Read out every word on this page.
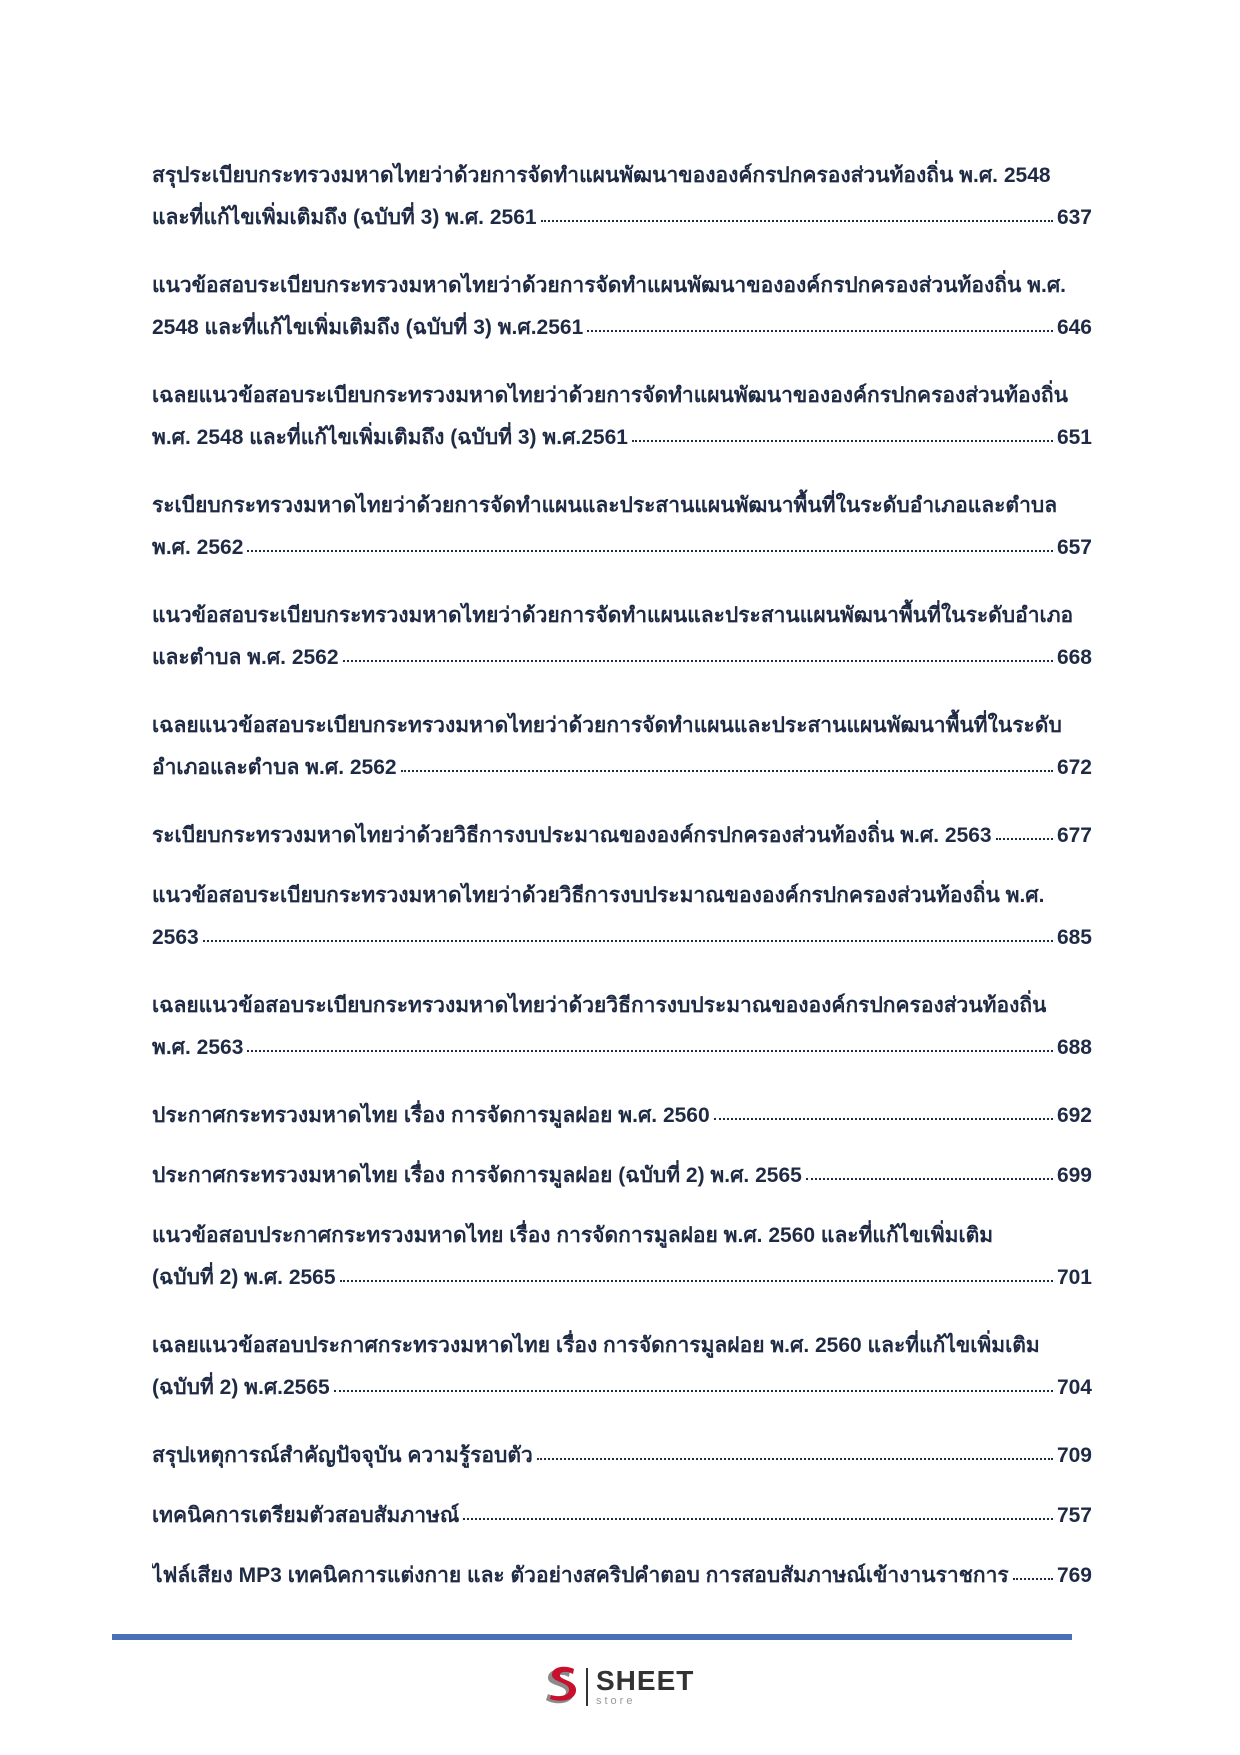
สรุประเบียบกระทรวงมหาดไทยว่าด้วยการจัดทำแผนพัฒนาขององค์กรปกครองส่วนท้องถิ่น พ.ศ. 2548
และที่แก้ไขเพิ่มเติมถึง (ฉบับที่ 3) พ.ศ. 2561	637
แนวข้อสอบระเบียบกระทรวงมหาดไทยว่าด้วยการจัดทำแผนพัฒนาขององค์กรปกครองส่วนท้องถิ่น พ.ศ.
2548 และที่แก้ไขเพิ่มเติมถึง (ฉบับที่ 3) พ.ศ.2561	646
เฉลยแนวข้อสอบระเบียบกระทรวงมหาดไทยว่าด้วยการจัดทำแผนพัฒนาขององค์กรปกครองส่วนท้องถิ่น
พ.ศ. 2548 และที่แก้ไขเพิ่มเติมถึง (ฉบับที่ 3) พ.ศ.2561	651
ระเบียบกระทรวงมหาดไทยว่าด้วยการจัดทำแผนและประสานแผนพัฒนาพื้นที่ในระดับอำเภอและตำบล
พ.ศ. 2562	657
แนวข้อสอบระเบียบกระทรวงมหาดไทยว่าด้วยการจัดทำแผนและประสานแผนพัฒนาพื้นที่ในระดับอำเภอ
และตำบล พ.ศ. 2562	668
เฉลยแนวข้อสอบระเบียบกระทรวงมหาดไทยว่าด้วยการจัดทำแผนและประสานแผนพัฒนาพื้นที่ในระดับ
อำเภอและตำบล พ.ศ. 2562	672
ระเบียบกระทรวงมหาดไทยว่าด้วยวิธีการงบประมาณขององค์กรปกครองส่วนท้องถิ่น พ.ศ. 2563	677
แนวข้อสอบระเบียบกระทรวงมหาดไทยว่าด้วยวิธีการงบประมาณขององค์กรปกครองส่วนท้องถิ่น พ.ศ.
2563	685
เฉลยแนวข้อสอบระเบียบกระทรวงมหาดไทยว่าด้วยวิธีการงบประมาณขององค์กรปกครองส่วนท้องถิ่น
พ.ศ. 2563	688
ประกาศกระทรวงมหาดไทย เรื่อง การจัดการมูลฝอย พ.ศ. 2560	692
ประกาศกระทรวงมหาดไทย เรื่อง การจัดการมูลฝอย (ฉบับที่ 2) พ.ศ. 2565	699
แนวข้อสอบประกาศกระทรวงมหาดไทย เรื่อง การจัดการมูลฝอย พ.ศ. 2560 และที่แก้ไขเพิ่มเติม
(ฉบับที่ 2) พ.ศ. 2565	701
เฉลยแนวข้อสอบประกาศกระทรวงมหาดไทย เรื่อง การจัดการมูลฝอย พ.ศ. 2560 และที่แก้ไขเพิ่มเติม
(ฉบับที่ 2) พ.ศ.2565	704
สรุปเหตุการณ์สำคัญปัจจุบัน ความรู้รอบตัว	709
เทคนิคการเตรียมตัวสอบสัมภาษณ์	757
ไฟล์เสียง MP3 เทคนิคการแต่งกาย และ ตัวอย่างสคริปคำตอบ การสอบสัมภาษณ์เข้างานราชการ 769
SHEET
store
